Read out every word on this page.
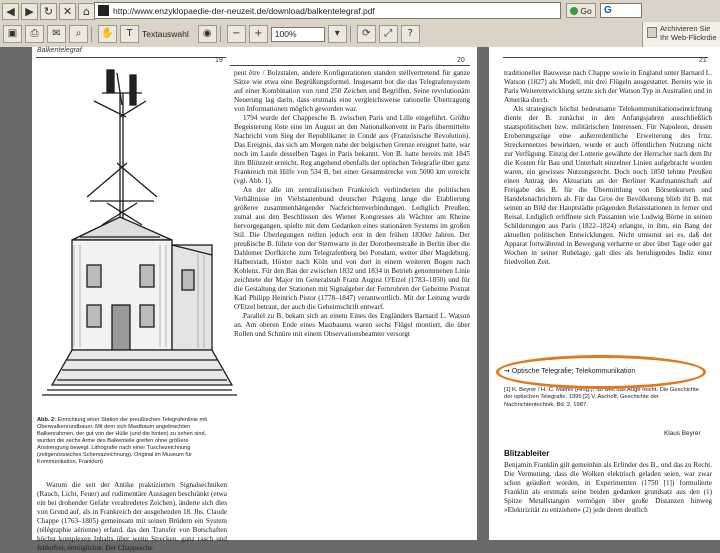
◀ ▶ ↻ ✕ ⌂	http://www.enzyklopaedie-der-neuzeit.de/download/balkentelegraf.pdf	Go	G
▣	⎙	✉	⌕	✋	T	Textauswahl	◉	−	+	100%	▾	⟳	⤢	?	Archivieren Sie Ihr Web-Flickrdie
Balkentelegraf
19	20
Abb. 2: Einrichtung einer Station der preußischen Telegrafenlinie mit Oberwalkenrundbauer. Mit dem sich Mastbaum angebrachten Balkenrahmen, der gut von der Hülle (und die hinten) zu sehen sind, wurden die sechs Arme des Balkenteile greifen ohne größere Anstrengung bewegt. Lithografie nach einer Tuschezeichnung (zeitgenössisches Schemazeichnung). Original im Museum für Kommunikation, Frankfurt)

Warum die seit der Antike praktizierten Signalsechniken (Rauch, Licht, Feuer) auf rudimentäre Aussagen beschränkt (etwa ein bei drohender Gefahr verabredetes Zeichen), änderte sich dies von Grund auf, als in Frankreich der ausgehenden 18. Jhs. Claude Chappe (1763–1805) gemeinsam mit seinen Brüdern ein System (télégraphie aérienne) erfand, das den Transfer von Botschaften höchst komplexen Inhalts über weite Strecken, ganz rasch und fehlerfrei, ermöglichte. Der Chappesche

peut être / Bolzstalen, andere Konfigurationen standen stellvertretend für ganze Sätze wie etwa eine Begrüßungsformel. Insgesamt bot die das Telegrafensystem auf einer Kombination von rund 250 Zeichen und Begriffen. Seine revolutionäre Neuerung lag darin, dass erstmals eine vergleichsweise rationelle Übertragung von Informationen möglich geworden war.

1794 wurde der Chappesche B. zwischen Paris und Lille eingeführt. Größte Begeisterung löste eine im August an den Nationalkonvent in Paris übermittelte Nachricht vom Sieg der Republikaner in Condé aus (Französische Revolution). Das Ereignis, das sich am Morgen nahe der belgischen Grenze ereignet hatte, war noch im Laufe desselben Tages in Paris bekannt. Von B. hatte bereits mit 1845 ihre Blütezeit erreicht. Reg angehend ebenfalls der optischen Telegrafie über ganz Frankreich mit Hilfe von 534 B. bei einer Gesamtstrecke von 5000 km erreicht (vgl. Abb. 1).

An der alle im zentralistischen Frankreich verhinderten die politischen Verhältnisse im Vielstaatenbund deutscher Prägung lange die Etablierung größerer zusammenhängender Nachrichtenverbindungen. Lediglich Preußen, zumal aus den Beschlüssen des Wiener Kongresses als Wächter am Rheine hervorgegangen, spielte mit dem Gedanken eines stationären Systems im großen Stil. Die Überlegungen reiften jedoch erst in den frühen 1830er Jahren. Der preußische B. führte von der Sternwarte in der Dorotheenstraße in Berlin über die Dahlemer Dorfkirche zum Telegrafenberg bei Potsdam, weiter über Magdeburg, Halberstadt, Höxter nach Köln und von dort in einem weiteren Bogen nach Koblenz. Für den Bau der zwischen 1832 und 1834 in Betrieb genommenen Linie zeichnete der Major im Generalstab Franz August O'Etzel (1783–1850) und für die Gestaltung der Stationen mit Signalgeber der Fernrohren der Geheime Postrat Karl Philipp Heinrich Pistor (1778–1847) verantwortlich. Mit der Leitung wurde O'Etzel betraut, der auch die Geheimschrift entwarf.

Parallel zu B. bekam sich an einem Eines des Engländers Barnard L. Watson an. Am oberen Ende eines Mastbaums waren sechs Flügel montiert, die über Rollen und Schnüre mit einem Observationsbeamter versorgt

21

traditioneller Bauweise nach Chappe sowie in England unter Barnard L. Watson (1827) als Modell, mit drei Flügeln ausgestattet. Bereits wie in Paris Weiterentwicklung setzte sich der Watson Typ in Australien und in Amerika durch.

Als strategisch höchst bedeutsame Telekommunikationseinrichtung diente der B. zunächst in den Anfangsjahren ausschließlich staatspolitischen bzw. militärischen Interessen. Für Napoleon, dessen Eroberungszüge eine außerordentliche Erweiterung des frnz. Streckennetzes bewirkten, wurde er auch öffentlichen Nutzung nicht zur Verfügung. Einzig der Lotterie gewährte der Herrscher nach dem Ihr die Kosten für Bau und Unterhalt einzelner Linien aufgebracht worden waren, ein gewisses Nutzungsrecht. Doch noch 1850 lehnte Preußen einen Antrag des Aktuariats an der Berliner Kaufmannschaft auf Freigabe des B. für die Übermittlung von Börsenkursen und Handelsnachrichten ab. Für das Gros der Bevölkerung blieb ihr B. mit seinen an Bild der Hauptstädte prägenden Relaisstationen in ferner und Reisal. Lediglich eröffnete sich Passanten wie Ludwig Börne in seinen Schilderungen aus Paris (1822–1824) erlangte, in ihm, ein Bang der aktuellen politischen Entwicklungen. Nicht umsonst sei es, daß der Apparat fortwährend in Bewegung verharrte er aber über Tage oder gar Wochen in seiner Ruhelage, galt dies als beruhigendes Indiz einer friedvollen Zeit.

➞ Optische Telegrafie; Telekommunikation
[1] K. Beyrer / H.-C. Mathis (Hrsg.), So weit das Auge reicht. Die Geschichte der optischen Telegrafie, 1995 [2] V. Aschoff, Geschichte der Nachrichtentechnik, Bd. 2, 1987.
Klaus Beyrer
Blitzableiter

Benjamin Franklin gilt gemeinhin als Erfinder des B., und das zu Recht. Die Vermutung, dass die Wolken elektrisch geladen seien, war zwar schon geäußert worden, in Experimenten (1750 [1]) formulierte Franklin als erstmals seine beiden gedanken grundsatz aus den (1) Spitze Metallstangen vermögen über große Distanzen hinweg »Elektrizität zu entziehen« (2) jede deren deutlich
